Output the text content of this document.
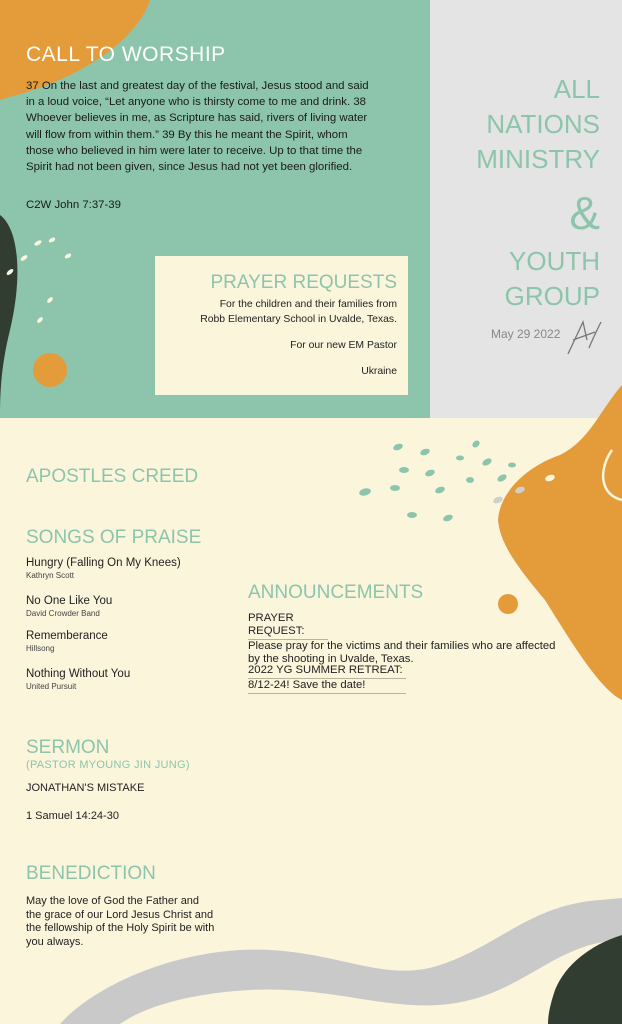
CALL TO WORSHIP

37 On the last and greatest day of the festival, Jesus stood and said in a loud voice, “Let anyone who is thirsty come to me and drink. 38 Whoever believes in me, as Scripture has said, rivers of living water will flow from within them.” 39 By this he meant the Spirit, whom those who believed in him were later to receive. Up to that time the Spirit had not been given, since Jesus had not yet been glorified.

C2W John 7:37-39

PRAYER REQUESTS

For the children and their families from

Robb Elementary School in Uvalde, Texas.

For our new EM Pastor

Ukraine

ALL
NATIONS
MINISTRY
&
YOUTH
GROUP
May 29 2022
APOSTLES CREED
SONGS OF PRAISE
Hungry (Falling On My Knees)
Kathryn Scott
No One Like You
David Crowder Band
Rememberance
Hillsong
Nothing Without You
United Pursuit
ANNOUNCEMENTS
PRAYER REQUEST:
Please pray for the victims and their families who are affected
by the shooting in Uvalde, Texas.
2022 YG SUMMER RETREAT:
8/12-24! Save the date!
SERMON
(PASTOR MYOUNG JIN JUNG)
JONATHAN'S MISTAKE
1 Samuel 14:24-30
BENEDICTION

May the love of God the Father and the grace of our Lord Jesus Christ and the fellowship of the Holy Spirit be with you always.
